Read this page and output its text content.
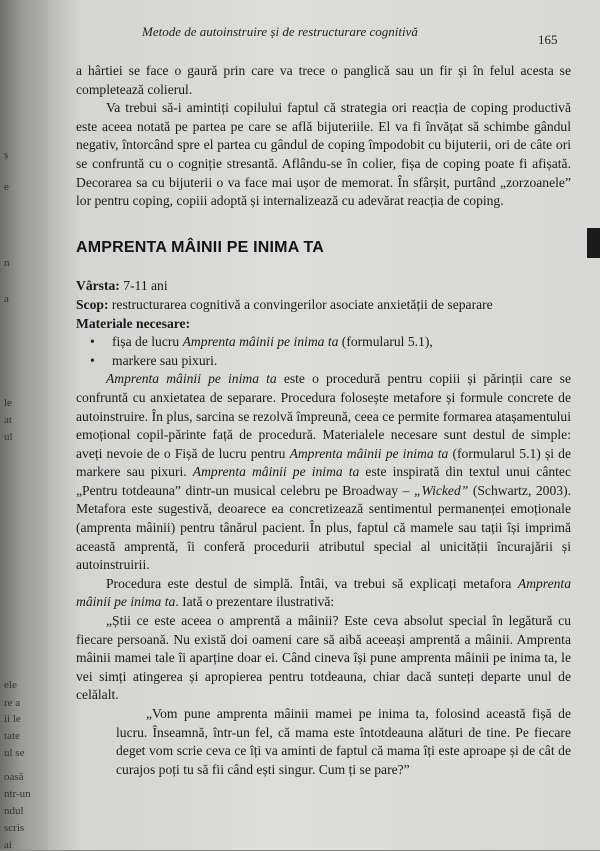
ș
e
n
a
le
at
ul
ele
re a
ii le
tate
ul se
oasă
ntr-un
ndul
scris
ai
Metode de autoinstruire și de restructurare cognitivă
165

a hârtiei se face o gaură prin care va trece o panglică sau un fir și în felul acesta se completează colierul.

Va trebui să-i amintiți copilului faptul că strategia ori reacția de coping productivă este aceea notată pe partea pe care se află bijuteriile. El va fi învățat să schimbe gândul negativ, întorcând spre el partea cu gândul de coping împodobit cu bijuterii, ori de câte ori se confruntă cu o cogniție stresantă. Aflându-se în colier, fișa de coping poate fi afișată. Decorarea sa cu bijuterii o va face mai ușor de memorat. În sfârșit, purtând „zorzoanele” lor pentru coping, copiii adoptă și internalizează cu adevărat reacția de coping.

AMPRENTA MÂINII PE INIMA TA

Vârsta: 7-11 ani

Scop: restructurarea cognitivă a convingerilor asociate anxietății de separare

Materiale necesare:

• fișa de lucru Amprenta mâinii pe inima ta (formularul 5.1),
• markere sau pixuri.

Amprenta mâinii pe inima ta este o procedură pentru copiii și părinții care se confruntă cu anxietatea de separare. Procedura folosește metafore și formule concrete de autoinstruire. În plus, sarcina se rezolvă împreună, ceea ce permite formarea atașamentului emoțional copil-părinte față de procedură. Materialele necesare sunt destul de simple: aveți nevoie de o Fișă de lucru pentru Amprenta mâinii pe inima ta (formularul 5.1) și de markere sau pixuri. Amprenta mâinii pe inima ta este inspirată din textul unui cântec „Pentru totdeauna” dintr-un musical celebru pe Broadway – „Wicked” (Schwartz, 2003). Metafora este sugestivă, deoarece ea concretizează sentimentul permanenței emoționale (amprenta mâinii) pentru tânărul pacient. În plus, faptul că mamele sau tații își imprimă această amprentă, îi conferă procedurii atributul special al unicității încurajării și autoinstruirii.

Procedura este destul de simplă. Întâi, va trebui să explicați metafora Amprenta mâinii pe inima ta. Iată o prezentare ilustrativă:

„Știi ce este aceea o amprentă a mâinii? Este ceva absolut special în legătură cu fiecare persoană. Nu există doi oameni care să aibă aceeași amprentă a mâinii. Amprenta mâinii mamei tale îi aparține doar ei. Când cineva își pune amprenta mâinii pe inima ta, le vei simți atingerea și apropierea pentru totdeauna, chiar dacă sunteți departe unul de celălalt.

„Vom pune amprenta mâinii mamei pe inima ta, folosind această fișă de lucru. Înseamnă, într-un fel, că mama este întotdeauna alături de tine. Pe fiecare deget vom scrie ceva ce îți va aminti de faptul că mama îți este aproape și de cât de curajos poți tu să fii când ești singur. Cum ți se pare?”
